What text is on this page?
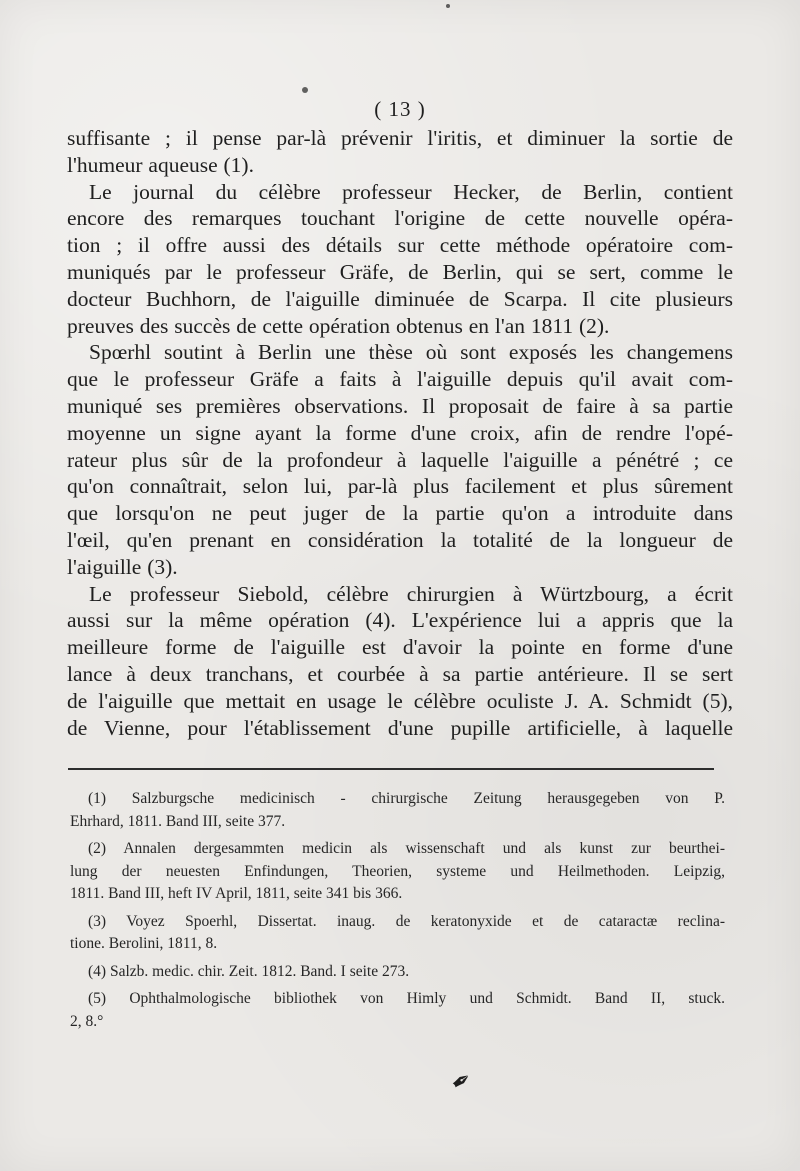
( 13 )
suffisante ; il pense par-là prévenir l'iritis, et diminuer la sortie de
l'humeur aqueuse (1).
Le journal du célèbre professeur Hecker, de Berlin, contient
encore des remarques touchant l'origine de cette nouvelle opéra-
tion ; il offre aussi des détails sur cette méthode opératoire com-
muniqués par le professeur Gräfe, de Berlin, qui se sert, comme le
docteur Buchhorn, de l'aiguille diminuée de Scarpa. Il cite plusieurs
preuves des succès de cette opération obtenus en l'an 1811 (2).
Spœrhl soutint à Berlin une thèse où sont exposés les changemens
que le professeur Gräfe a faits à l'aiguille depuis qu'il avait com-
muniqué ses premières observations. Il proposait de faire à sa partie
moyenne un signe ayant la forme d'une croix, afin de rendre l'opé-
rateur plus sûr de la profondeur à laquelle l'aiguille a pénétré ; ce
qu'on connaîtrait, selon lui, par-là plus facilement et plus sûrement
que lorsqu'on ne peut juger de la partie qu'on a introduite dans
l'œil, qu'en prenant en considération la totalité de la longueur de
l'aiguille (3).
Le professeur Siebold, célèbre chirurgien à Würtzbourg, a écrit
aussi sur la même opération (4). L'expérience lui a appris que la
meilleure forme de l'aiguille est d'avoir la pointe en forme d'une
lance à deux tranchans, et courbée à sa partie antérieure. Il se sert
de l'aiguille que mettait en usage le célèbre oculiste J. A. Schmidt (5),
de Vienne, pour l'établissement d'une pupille artificielle, à laquelle
(1) Salzburgsche medicinisch - chirurgische Zeitung herausgegeben von P.
Ehrhard, 1811. Band III, seite 377.
(2) Annalen dergesammten medicin als wissenschaft und als kunst zur beurthei-
lung der neuesten Enfindungen, Theorien, systeme und Heilmethoden. Leipzig,
1811. Band III, heft IV April, 1811, seite 341 bis 366.
(3) Voyez Spoerhl, Dissertat. inaug. de keratonyxide et de cataractæ reclina-
tione. Berolini, 1811, 8.
(4) Salzb. medic. chir. Zeit. 1812. Band. I seite 273.
(5) Ophthalmologische bibliothek von Himly und Schmidt. Band II, stuck.
2, 8.°
✒
